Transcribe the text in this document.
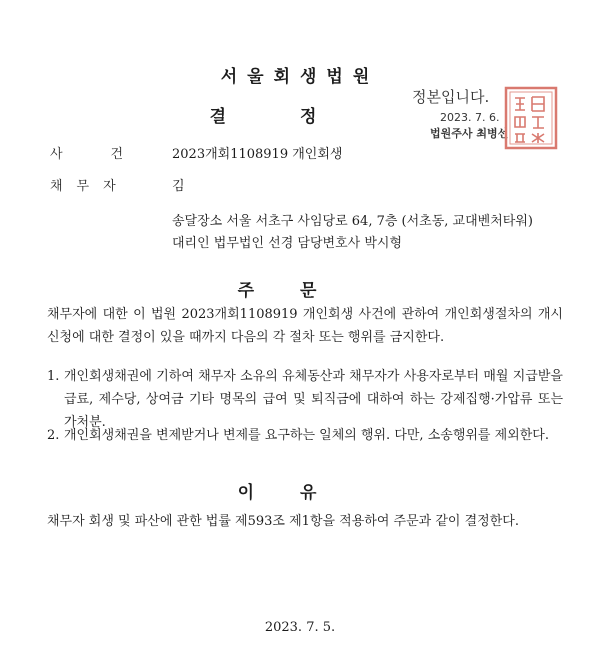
서울회생법원
결정
정본입니다.
2023. 7. 6.
법원주사 최병선
사건 2023개회1108919 개인회생
채무자	김
송달장소 서울 서초구 사임당로 64, 7층 (서초동, 교대벤처타워)
대리인 법무법인 선경 담당변호사 박시형
주문
채무자에 대한 이 법원 2023개회1108919 개인회생 사건에 관하여 개인회생절차의 개시신청에 대한 결정이 있을 때까지 다음의 각 절차 또는 행위를 금지한다.
1. 개인회생채권에 기하여 채무자 소유의 유체동산과 채무자가 사용자로부터 매월 지급받을 급료, 제수당, 상여금 기타 명목의 급여 및 퇴직금에 대하여 하는 강제집행·가압류 또는 가처분.
2. 개인회생채권을 변제받거나 변제를 요구하는 일체의 행위. 다만, 소송행위를 제외한다.
이유
채무자 회생 및 파산에 관한 법률 제593조 제1항을 적용하여 주문과 같이 결정한다.
2023. 7. 5.
